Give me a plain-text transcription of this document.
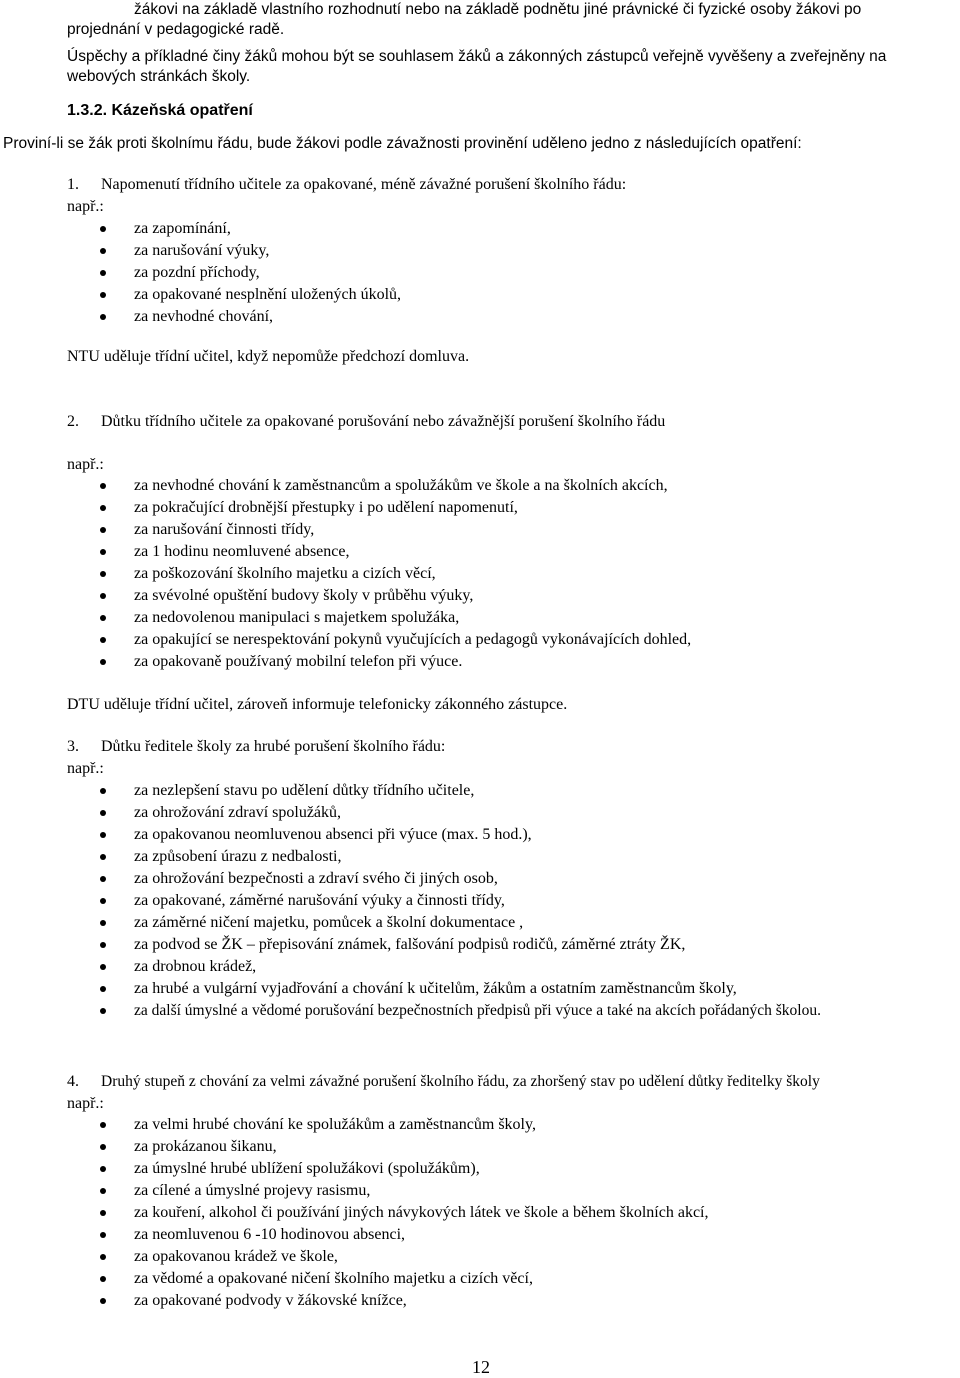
žákovi na základě vlastního rozhodnutí nebo na základě podnětu jiné právnické či fyzické osoby žákovi po
projednání v pedagogické radě.
Úspěchy a příkladné činy žáků mohou být se souhlasem žáků a zákonných zástupců veřejně vyvěšeny a zveřejněny na
webových stránkách školy.
1.3.2. Kázeňská opatření
Proviní-li se žák proti školnímu řádu, bude žákovi podle závažnosti provinění uděleno jedno z následujících opatření:
1. Napomenutí třídního učitele za opakované, méně závažné porušení školního řádu:
např.:
za zapomínání,
za narušování výuky,
za pozdní příchody,
za opakované nesplnění uložených úkolů,
za nevhodné chování,
NTU uděluje třídní učitel, když nepomůže předchozí domluva.
2. Důtku třídního učitele za opakované porušování nebo závažnější porušení školního řádu
např.:
za nevhodné chování k zaměstnancům a spolužákům ve škole a na školních akcích,
za pokračující drobnější přestupky i po udělení napomenutí,
za narušování činnosti třídy,
za 1 hodinu neomluvené absence,
za poškozování školního majetku a cizích věcí,
za svévolné opuštění budovy školy v průběhu výuky,
za nedovolenou manipulaci s majetkem spolužáka,
za opakující se nerespektování pokynů vyučujících a pedagogů vykonávajících dohled,
za opakovaně používaný mobilní telefon při výuce.
DTU uděluje třídní učitel, zároveň informuje telefonicky zákonného zástupce.
3. Důtku ředitele školy za hrubé porušení školního řádu:
např.:
za nezlepšení stavu po udělení důtky třídního učitele,
za ohrožování zdraví spolužáků,
za opakovanou neomluvenou absenci při výuce (max. 5 hod.),
za způsobení úrazu z nedbalosti,
za ohrožování bezpečnosti a zdraví svého či jiných osob,
za opakované, záměrné narušování výuky a činnosti třídy,
za záměrné ničení majetku, pomůcek a školní dokumentace ,
za podvod se ŽK – přepisování známek, falšování podpisů rodičů, záměrné ztráty ŽK,
za drobnou krádež,
za hrubé a vulgární vyjadřování a chování k učitelům, žákům a ostatním zaměstnancům školy,
za další úmyslné a vědomé porušování bezpečnostních předpisů při výuce a také na akcích pořádaných školou.
4. Druhý stupeň z chování za velmi závažné porušení školního řádu, za zhoršený stav po udělení důtky ředitelky školy
např.:
za velmi hrubé chování ke spolužákům a zaměstnancům školy,
za prokázanou šikanu,
za úmyslné hrubé ublížení spolužákovi (spolužákům),
za cílené a úmyslné projevy rasismu,
za kouření, alkohol či používání jiných návykových látek ve škole a během školních akcí,
za neomluvenou 6 -10 hodinovou absenci,
za opakovanou krádež ve škole,
za vědomé a opakované ničení školního majetku a cizích věcí,
za opakované podvody v žákovské knížce,
12
